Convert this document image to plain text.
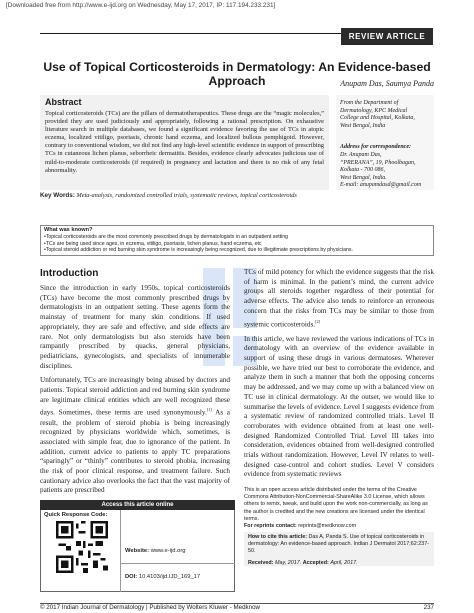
[Downloaded free from http://www.e-ijd.org on Wednesday, May 17, 2017, IP: 117.194.233.231]
REVIEW ARTICLE
Use of Topical Corticosteroids in Dermatology: An Evidence-based Approach	Anupam Das, Saumya Panda
Abstract
Topical corticosteroids (TCs) are the pillars of dermatotherapeutics. These drugs are the “magic molecules,” provided they are used judiciously and appropriately, following a rational prescription. On exhaustive literature search in multiple databases, we found a significant evidence favoring the use of TCs in atopic eczema, localized vitiligo, psoriasis, chronic hand eczema, and localized bullous pemphigoid. However, contrary to conventional wisdom, we did not find any high-level scientific evidence in support of prescribing TCs in cutaneous lichen planus, seborrheic dermatitis. Besides, evidence clearly advocates judicious use of mild-to-moderate corticosteroids (if required) in pregnancy and lactation and there is no risk of any fetal abnormality.
Key Words: Meta-analysis, randomized controlled trials, systematic reviews, topical corticosteroids
From the Department of
Dermatology, KPC Medical
College and Hospital, Kolkata,
West Bengal, India
Address for correspondence:
Dr. Anupam Das,
“PRERANA”, 19, Phoolbagan,
Kolkata - 700 086,
West Bengal, India.
E-mail: anupamdasd@gmail.com
What was known?
• Topical corticosteroids are the most commonly prescribed drugs by dermatologists in an outpatient setting
• TCs are being used since ages, in eczema, vitiligo, psoriasis, lichen planus, hand eczema, etc
• Topical steroid addiction or red burning skin syndrome is increasingly being recognized, due to illegitimate prescriptions by physicians.
Introduction

Since the introduction in early 1950s, topical corticosteroids (TCs) have become the most commonly prescribed drugs by dermatologists in an outpatient setting. These agents form the mainstay of treatment for many skin conditions. If used appropriately, they are safe and effective, and side effects are rare. Not only dermatologists but also steroids have been rampantly prescribed by quacks, general physicians, pediatricians, gynecologists, and specialists of innumerable disciplines.

Unfortunately, TCs are increasingly being abused by doctors and patients. Topical steroid addiction and red burning skin syndrome are legitimate clinical entities which are well recognized these days. Sometimes, these terms are used synonymously.[1] As a result, the problem of steroid phobia is being increasingly recognized by physicians worldwide which, sometimes, is associated with simple fear, due to ignorance of the patient. In addition, current advice to patients to apply TC preparations “sparingly” or “thinly” contributes to steroid phobia, increasing the risk of poor clinical response, and treatment failure. Such cautionary advice also overlooks the fact that the vast majority of patients are prescribed

TCs of mild potency for which the evidence suggests that the risk of harm is minimal. In the patient’s mind, the current advice groups all steroids together regardless of their potential for adverse effects. The advice also tends to reinforce an erroneous concern that the risks from TCs may be similar to those from systemic corticosteroids.[2]

In this article, we have reviewed the various indications of TCs in dermatology with an overview of the evidence available in support of using these drugs in various dermatoses. Wherever possible, we have tried our best to corroborate the evidence, and analyze them in such a manner that both the opposing concerns may be addressed, and we may come up with a balanced view on TC use in clinical dermatology. At the outset, we would like to summarise the levels of evidence. Level I suggests evidence from a systematic review of randomized controlled trials. Level II corroborates with evidence obtained from at least one well-designed Randomized Controlled Trial. Level III takes into consideration, evidences obtained from well-designed controlled trials without randomization. However, Level IV relates to well-designed case-control and cohort studies. Level V considers evidence from systematic reviews

Access this article online
Quick Response Code:
Website: www.e-ijd.org
DOI: 10.4103/ijd.IJD_169_17
This is an open access article distributed under the terms of the Creative Commons Attribution-NonCommercial-ShareAlike 3.0 License, which allows others to remix, tweak, and build upon the work non-commercially, as long as the author is credited and the new creations are licensed under the identical terms.
For reprints contact: reprints@medknow.com
How to cite this article: Das A, Panda S. Use of topical corticosteroids in dermatology: An evidence-based approach. Indian J Dermatol 2017;62:237-50.
Received: May, 2017. Accepted: April, 2017.
© 2017 Indian Journal of Dermatology | Published by Wolters Kluwer - Medknow	237
